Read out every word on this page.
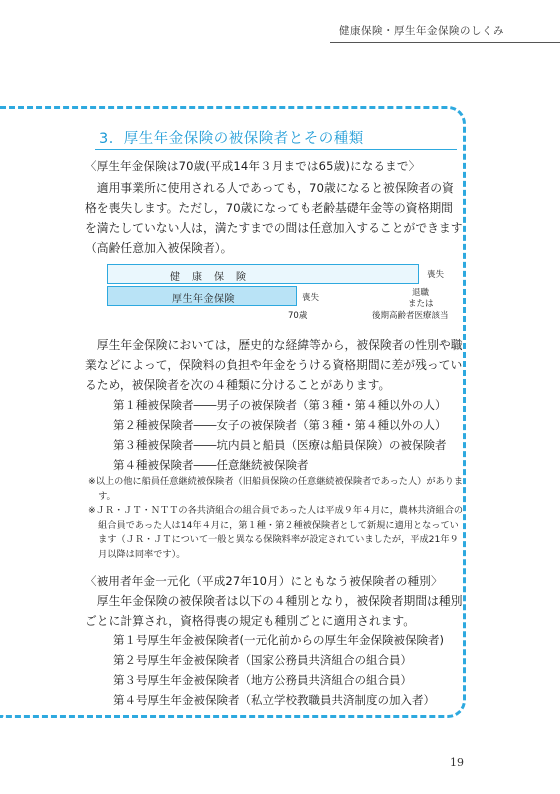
健康保険・厚生年金保険のしくみ
3．厚生年金保険の被保険者とその種類
〈厚生年金保険は70歳(平成14年３月までは65歳)になるまで〉

適用事業所に使用される人であっても，70歳になると被保険者の資格を喪失します。ただし，70歳になっても老齢基礎年金等の資格期間を満たしていない人は，満たすまでの間は任意加入することができます（高齢任意加入被保険者）。

健　康　保　険	喪失
厚生年金保険	喪失
70歳
退職
または
後期高齢者医療該当

厚生年金保険においては，歴史的な経緯等から，被保険者の性別や職業などによって，保険料の負担や年金をうける資格期間に差が残っているため，被保険者を次の４種類に分けることがあります。

第１種被保険者――男子の被保険者（第３種・第４種以外の人）
第２種被保険者――女子の被保険者（第３種・第４種以外の人）
第３種被保険者――坑内員と船員（医療は船員保険）の被保険者
第４種被保険者――任意継続被保険者
※以上の他に船員任意継続被保険者（旧船員保険の任意継続被保険者であった人）があります。
※ＪＲ・ＪＴ・ＮＴＴの各共済組合の組合員であった人は平成９年４月に，農林共済組合の組合員であった人は14年４月に，第１種・第２種被保険者として新規に適用となっています（ＪＲ・ＪＴについて一般と異なる保険料率が設定されていましたが，平成21年９月以降は同率です）。
〈被用者年金一元化（平成27年10月）にともなう被保険者の種別〉

厚生年金保険の被保険者は以下の４種別となり，被保険者期間は種別ごとに計算され，資格得喪の規定も種別ごとに適用されます。

第１号厚生年金被保険者(一元化前からの厚生年金保険被保険者)
第２号厚生年金被保険者（国家公務員共済組合の組合員）
第３号厚生年金被保険者（地方公務員共済組合の組合員）
第４号厚生年金被保険者（私立学校教職員共済制度の加入者）
19
